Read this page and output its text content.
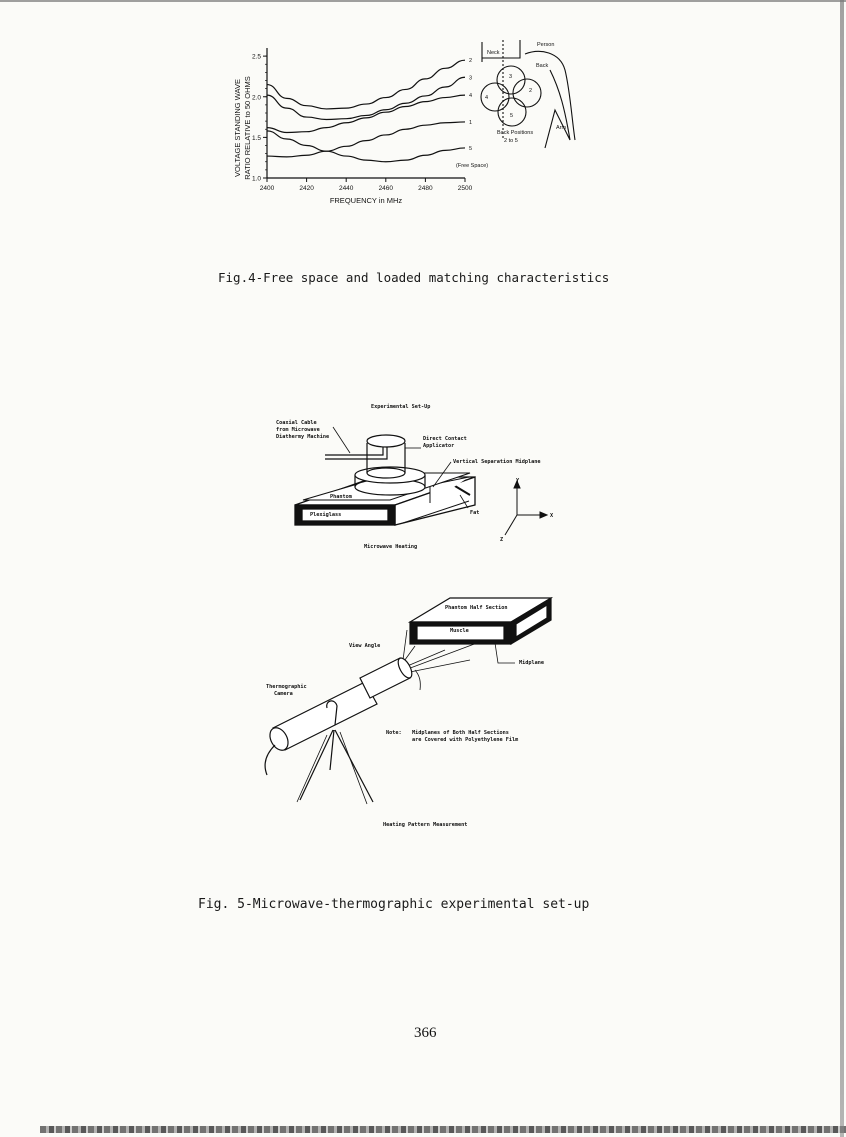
VOLTAGE STANDING WAVE RATIO RELATIVE to 50 OHMS
2400	2420	2440	2460	2480	2500
1.0
1.5
2.0
2.5
1
2
3
4
5
FREQUENCY in MHz
Neck
Person
Back
Arm
3
2
4
5
Back Positions
2 to 5
(Free Space)
Fig.4-Free space and loaded matching characteristics
Experimental Set-Up
Coaxial Cable
from Microwave
Diathermy Machine	Direct Contact
Applicator
Vertical Separation Midplane
Phantom
Plexiglass	Fat
Y
X
Z
Microwave Heating
Phantom Half Section
Muscle
View Angle
Midplane
Thermographic
Camera
Note: Midplanes of Both Half Sections
are Covered with Polyethylene Film
Heating Pattern Measurement
Fig. 5-Microwave-thermographic experimental set-up
366
